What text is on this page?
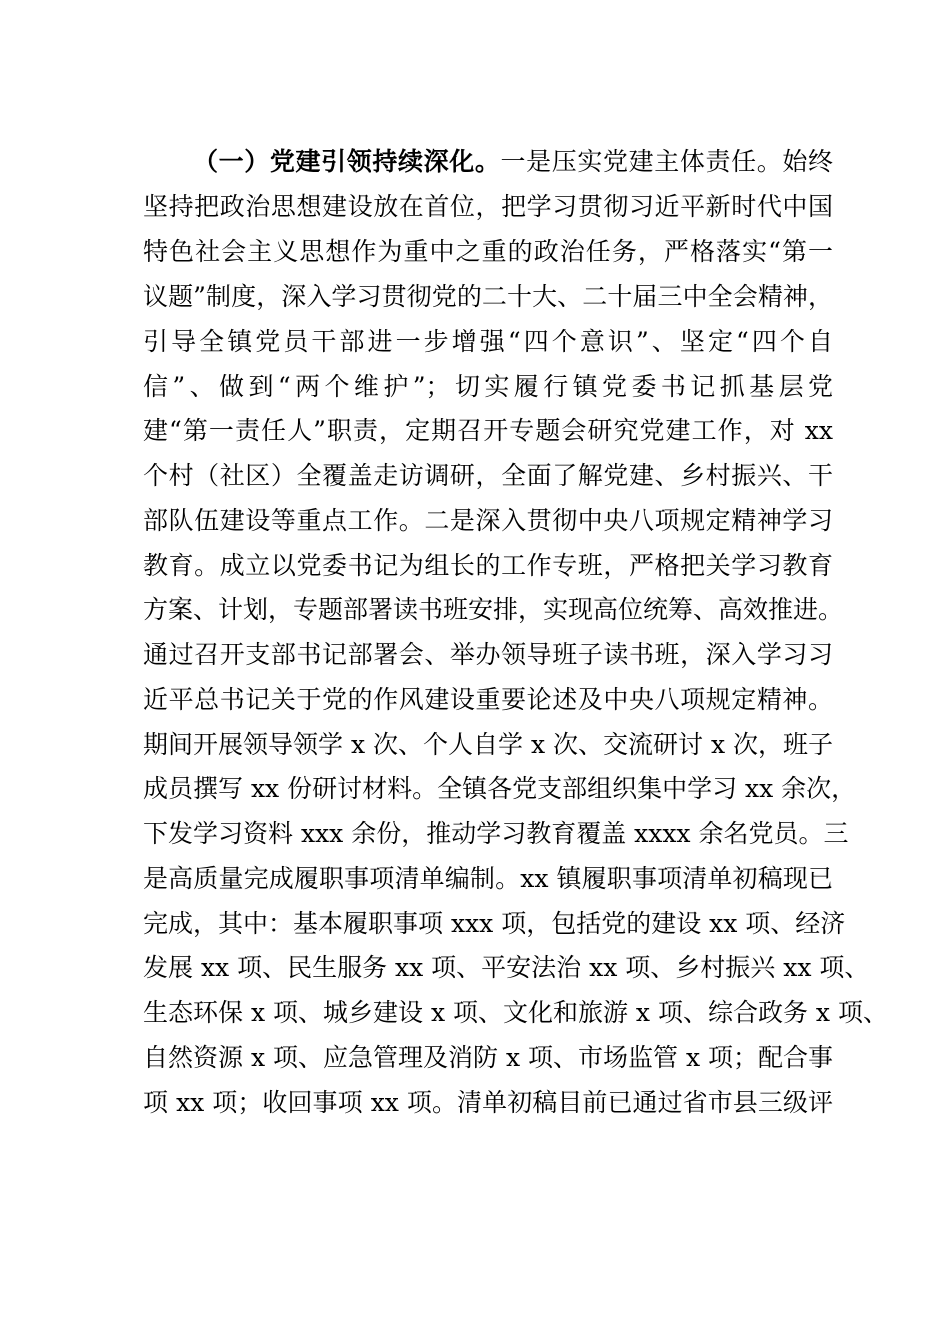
（一）党建引领持续深化。一是压实党建主体责任。始终
坚持把政治思想建设放在首位，把学习贯彻习近平新时代中国
特色社会主义思想作为重中之重的政治任务，严格落实“第一
议题”制度，深入学习贯彻党的二十大、二十届三中全会精神，
引导全镇党员干部进一步增强“四个意识”、坚定“四个自
信”、做到“两个维护”；切实履行镇党委书记抓基层党
建“第一责任人”职责，定期召开专题会研究党建工作，对 xx
个村（社区）全覆盖走访调研，全面了解党建、乡村振兴、干
部队伍建设等重点工作。二是深入贯彻中央八项规定精神学习
教育。成立以党委书记为组长的工作专班，严格把关学习教育
方案、计划，专题部署读书班安排，实现高位统筹、高效推进。
通过召开支部书记部署会、举办领导班子读书班，深入学习习
近平总书记关于党的作风建设重要论述及中央八项规定精神。
期间开展领导领学 x 次、个人自学 x 次、交流研讨 x 次，班子
成员撰写 xx 份研讨材料。全镇各党支部组织集中学习 xx 余次，
下发学习资料 xxx 余份，推动学习教育覆盖 xxxx 余名党员。三
是高质量完成履职事项清单编制。xx 镇履职事项清单初稿现已
完成，其中：基本履职事项 xxx 项，包括党的建设 xx 项、经济
发展 xx 项、民生服务 xx 项、平安法治 xx 项、乡村振兴 xx 项、
生态环保 x 项、城乡建设 x 项、文化和旅游 x 项、综合政务 x 项、
自然资源 x 项、应急管理及消防 x 项、市场监管 x 项；配合事
项 xx 项；收回事项 xx 项。清单初稿目前已通过省市县三级评
